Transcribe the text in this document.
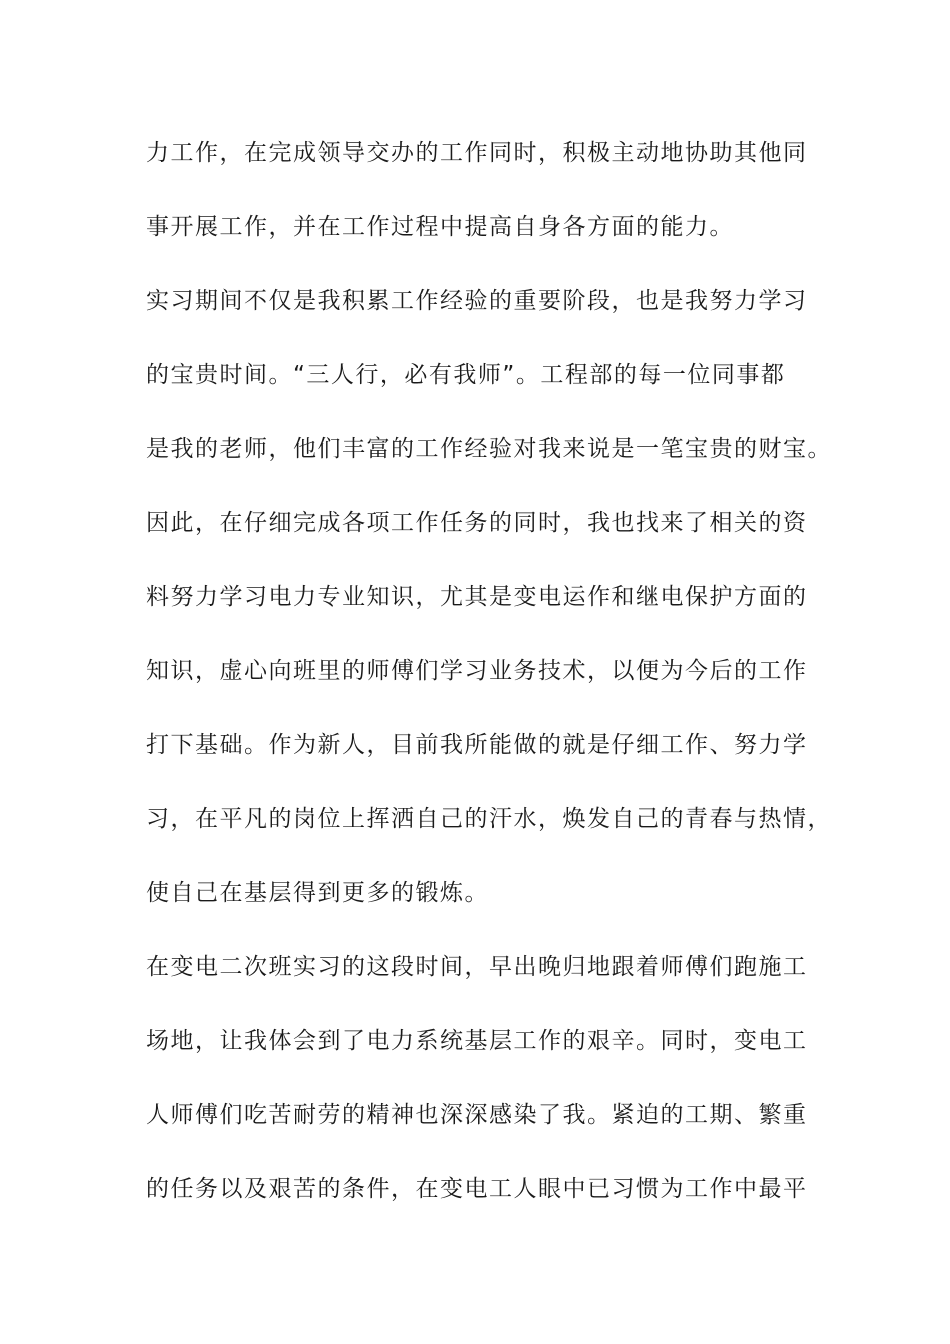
力工作，在完成领导交办的工作同时，积极主动地协助其他同
事开展工作，并在工作过程中提高自身各方面的能力。
实习期间不仅是我积累工作经验的重要阶段，也是我努力学习
的宝贵时间。“三人行，必有我师”。工程部的每一位同事都
是我的老师，他们丰富的工作经验对我来说是一笔宝贵的财宝。
因此，在仔细完成各项工作任务的同时，我也找来了相关的资
料努力学习电力专业知识，尤其是变电运作和继电保护方面的
知识，虚心向班里的师傅们学习业务技术，以便为今后的工作
打下基础。作为新人，目前我所能做的就是仔细工作、努力学
习，在平凡的岗位上挥洒自己的汗水，焕发自己的青春与热情，
使自己在基层得到更多的锻炼。
在变电二次班实习的这段时间，早出晚归地跟着师傅们跑施工
场地，让我体会到了电力系统基层工作的艰辛。同时，变电工
人师傅们吃苦耐劳的精神也深深感染了我。紧迫的工期、繁重
的任务以及艰苦的条件，在变电工人眼中已习惯为工作中最平
